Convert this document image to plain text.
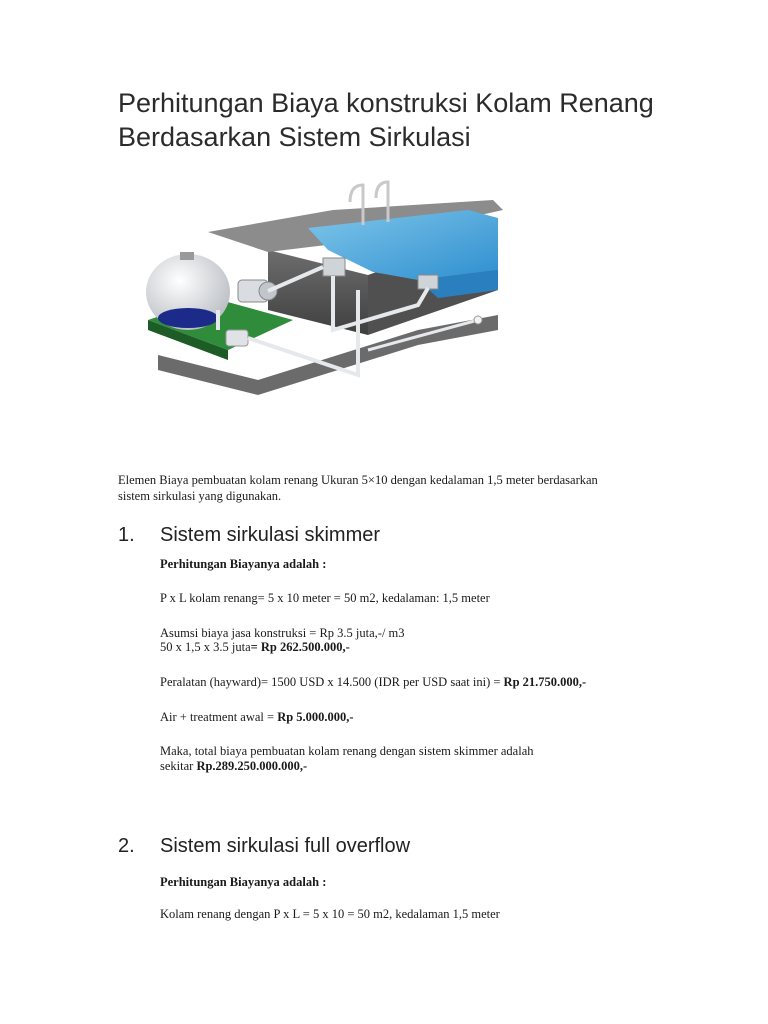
Perhitungan Biaya konstruksi Kolam Renang
Berdasarkan Sistem Sirkulasi

Elemen Biaya pembuatan kolam renang Ukuran 5×10 dengan kedalaman 1,5 meter berdasarkan
sistem sirkulasi yang digunakan.

1. Sistem sirkulasi skimmer

Perhitungan Biayanya adalah :

P x L kolam renang= 5 x 10 meter = 50 m2, kedalaman: 1,5 meter

Asumsi biaya jasa konstruksi = Rp 3.5 juta,-/ m3

50 x 1,5 x 3.5 juta= Rp 262.500.000,-

Peralatan (hayward)= 1500 USD x 14.500 (IDR per USD saat ini) = Rp 21.750.000,-

Air + treatment awal = Rp 5.000.000,-

Maka, total biaya pembuatan kolam renang dengan sistem skimmer adalah

sekitar Rp.289.250.000.000,-

2. Sistem sirkulasi full overflow

Perhitungan Biayanya adalah :

Kolam renang dengan P x L = 5 x 10 = 50 m2, kedalaman 1,5 meter
